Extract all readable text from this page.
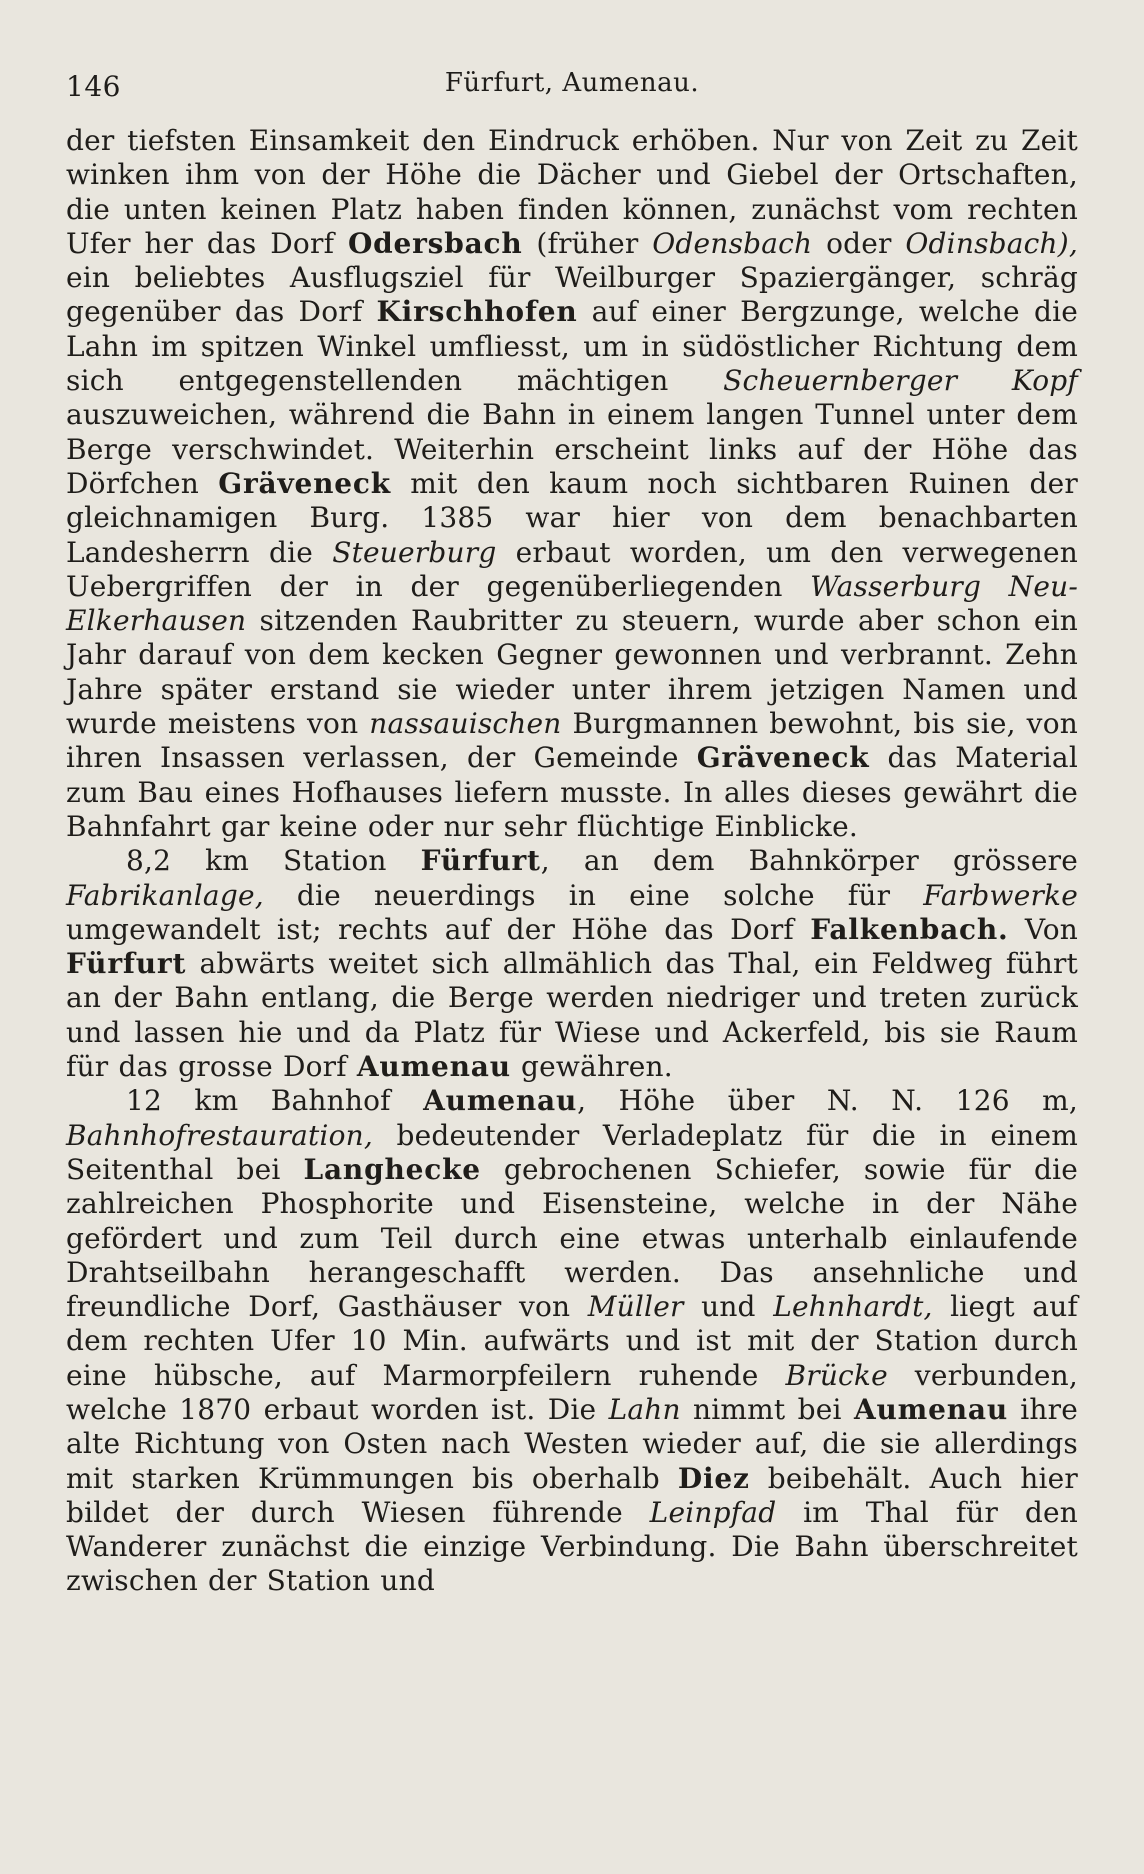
146	Fürfurt, Aumenau.

der tiefsten Einsamkeit den Eindruck erhöben. Nur von Zeit zu Zeit winken ihm von der Höhe die Dächer und Giebel der Ortschaften, die unten keinen Platz haben finden können, zunächst vom rechten Ufer her das Dorf Odersbach (früher Odensbach oder Odinsbach), ein beliebtes Ausflugsziel für Weilburger Spaziergänger, schräg gegenüber das Dorf Kirschhofen auf einer Bergzunge, welche die Lahn im spitzen Winkel umfliesst, um in südöstlicher Richtung dem sich entgegenstellenden mächtigen Scheuernberger Kopf auszuweichen, während die Bahn in einem langen Tunnel unter dem Berge verschwindet. Weiterhin erscheint links auf der Höhe das Dörfchen Gräveneck mit den kaum noch sichtbaren Ruinen der gleichnamigen Burg. 1385 war hier von dem benachbarten Landesherrn die Steuerburg erbaut worden, um den verwegenen Uebergriffen der in der gegenüberliegenden Wasserburg Neu-Elkerhausen sitzenden Raubritter zu steuern, wurde aber schon ein Jahr darauf von dem kecken Gegner gewonnen und verbrannt. Zehn Jahre später erstand sie wieder unter ihrem jetzigen Namen und wurde meistens von nassauischen Burgmannen bewohnt, bis sie, von ihren Insassen verlassen, der Gemeinde Gräveneck das Material zum Bau eines Hofhauses liefern musste. In alles dieses gewährt die Bahnfahrt gar keine oder nur sehr flüchtige Einblicke.

8,2 km Station Fürfurt, an dem Bahnkörper grössere Fabrikanlage, die neuerdings in eine solche für Farbwerke umgewandelt ist; rechts auf der Höhe das Dorf Falkenbach. Von Fürfurt abwärts weitet sich allmählich das Thal, ein Feldweg führt an der Bahn entlang, die Berge werden niedriger und treten zurück und lassen hie und da Platz für Wiese und Ackerfeld, bis sie Raum für das grosse Dorf Aumenau gewähren.

12 km Bahnhof Aumenau, Höhe über N. N. 126 m, Bahnhofrestauration, bedeutender Verladeplatz für die in einem Seitenthal bei Langhecke gebrochenen Schiefer, sowie für die zahlreichen Phosphorite und Eisensteine, welche in der Nähe gefördert und zum Teil durch eine etwas unterhalb einlaufende Drahtseilbahn herangeschafft werden. Das ansehnliche und freundliche Dorf, Gasthäuser von Müller und Lehnhardt, liegt auf dem rechten Ufer 10 Min. aufwärts und ist mit der Station durch eine hübsche, auf Marmorpfeilern ruhende Brücke verbunden, welche 1870 erbaut worden ist. Die Lahn nimmt bei Aumenau ihre alte Richtung von Osten nach Westen wieder auf, die sie allerdings mit starken Krümmungen bis oberhalb Diez beibehält. Auch hier bildet der durch Wiesen führende Leinpfad im Thal für den Wanderer zunächst die einzige Verbindung. Die Bahn überschreitet zwischen der Station und
